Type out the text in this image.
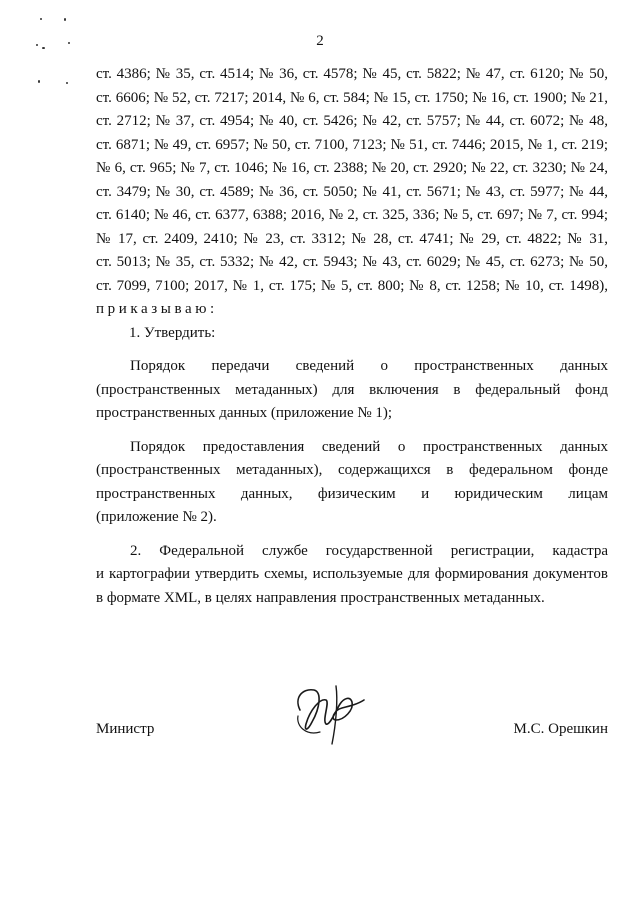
2

ст. 4386; № 35, ст. 4514; № 36, ст. 4578; № 45, ст. 5822; № 47, ст. 6120; № 50,

ст. 6606; № 52, ст. 7217; 2014, № 6, ст. 584; № 15, ст. 1750; № 16, ст. 1900; № 21,

ст. 2712; № 37, ст. 4954; № 40, ст. 5426; № 42, ст. 5757; № 44, ст. 6072; № 48,

ст. 6871; № 49, ст. 6957; № 50, ст. 7100, 7123; № 51, ст. 7446; 2015, № 1, ст. 219;

№ 6, ст. 965; № 7, ст. 1046; № 16, ст. 2388; № 20, ст. 2920; № 22, ст. 3230; № 24,

ст. 3479; № 30, ст. 4589; № 36, ст. 5050; № 41, ст. 5671; № 43, ст. 5977; № 44,

ст. 6140; № 46, ст. 6377, 6388; 2016, № 2, ст. 325, 336; № 5, ст. 697; № 7, ст. 994;

№ 17, ст. 2409, 2410; № 23, ст. 3312; № 28, ст. 4741; № 29, ст. 4822; № 31,

ст. 5013; № 35, ст. 5332; № 42, ст. 5943; № 43, ст. 6029; № 45, ст. 6273; № 50,

ст. 7099, 7100; 2017, № 1, ст. 175; № 5, ст. 800; № 8, ст. 1258; № 10, ст. 1498),

приказываю:

1. Утвердить:

Порядок передачи сведений о пространственных данных

(пространственных метаданных) для включения в федеральный фонд

пространственных данных (приложение № 1);

Порядок предоставления сведений о пространственных данных

(пространственных метаданных), содержащихся в федеральном фонде

пространственных данных, физическим и юридическим лицам

(приложение № 2).

2. Федеральной службе государственной регистрации, кадастра

и картографии утвердить схемы, используемые для формирования документов

в формате XML, в целях направления пространственных метаданных.

Министр	М.С. Орешкин
